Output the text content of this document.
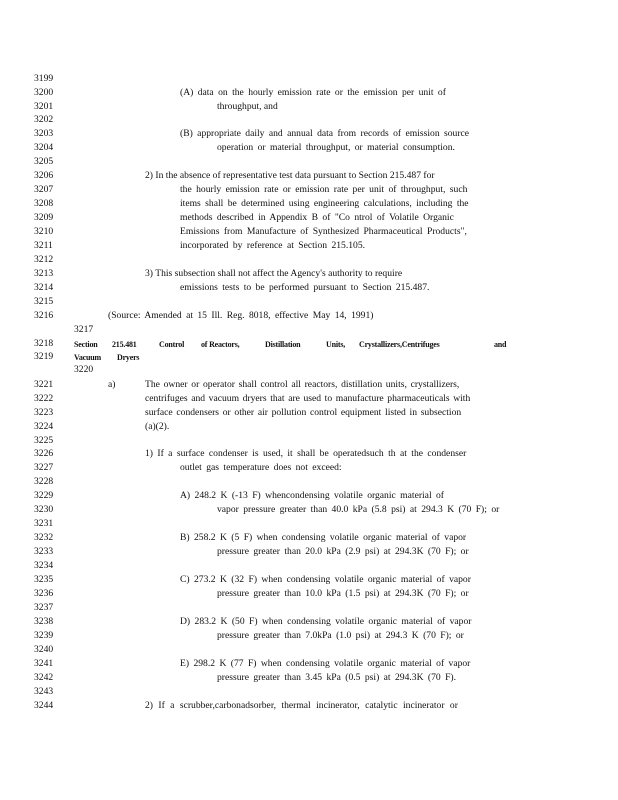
3199
3200
3201
3202
3203
3204
3205
3206
3207
3208
3209
3210
3211
3212
3213
3214
3215
3216
3217
3218
3219
3220
3221
3222
3223
3224
3225
3226
3227
3228
3229
3230
3231
3232
3233
3234
3235
3236
3237
3238
3239
3240
3241
3242
3243
3244
(A) data on the hourly emission rate or the emission per unit of
throughput, and
(B) appropriate daily and annual data from records of emission source
operation or material throughput, or material consumption.
2) In the absence of representative test data pursuant to Section 215.487 for
the hourly emission rate or emission rate per unit of throughput, such
items shall be determined using engineering calculations, including the
methods described in Appendix B of "Co ntrol of Volatile Organic
Emissions from Manufacture of Synthesized Pharmaceutical Products",
incorporated by reference at Section 215.105.
3) This subsection shall not affect the Agency's authority to require
emissions tests to be performed pursuant to Section 215.487.
(Source: Amended at 15 Ill. Reg. 8018, effective May 14, 1991)
Section 215.481	Control of Reactors,	Distillation	Units, Crystallizers,Centrifuges	and
Vacuum Dryers
a)	The owner or operator shall control all reactors, distillation units, crystallizers,
centrifuges and vacuum dryers that are used to manufacture pharmaceuticals with
surface condensers or other air pollution control equipment listed in subsection
(a)(2).
1) If a surface condenser is used, it shall be operatedsuch th at the condenser
outlet gas temperature does not exceed:
A) 248.2 K (-13 F) whencondensing volatile organic material of
vapor pressure greater than 40.0 kPa (5.8 psi) at 294.3 K (70 F); or
B) 258.2 K (5 F) when condensing volatile organic material of vapor
pressure greater than 20.0 kPa (2.9 psi) at 294.3K (70 F); or
C) 273.2 K (32 F) when condensing volatile organic material of vapor
pressure greater than 10.0 kPa (1.5 psi) at 294.3K (70 F); or
D) 283.2 K (50 F) when condensing volatile organic material of vapor
pressure greater than 7.0kPa (1.0 psi) at 294.3 K (70 F); or
E) 298.2 K (77 F) when condensing volatile organic material of vapor
pressure greater than 3.45 kPa (0.5 psi) at 294.3K (70 F).
2) If a scrubber,carbonadsorber, thermal incinerator, catalytic incinerator or
